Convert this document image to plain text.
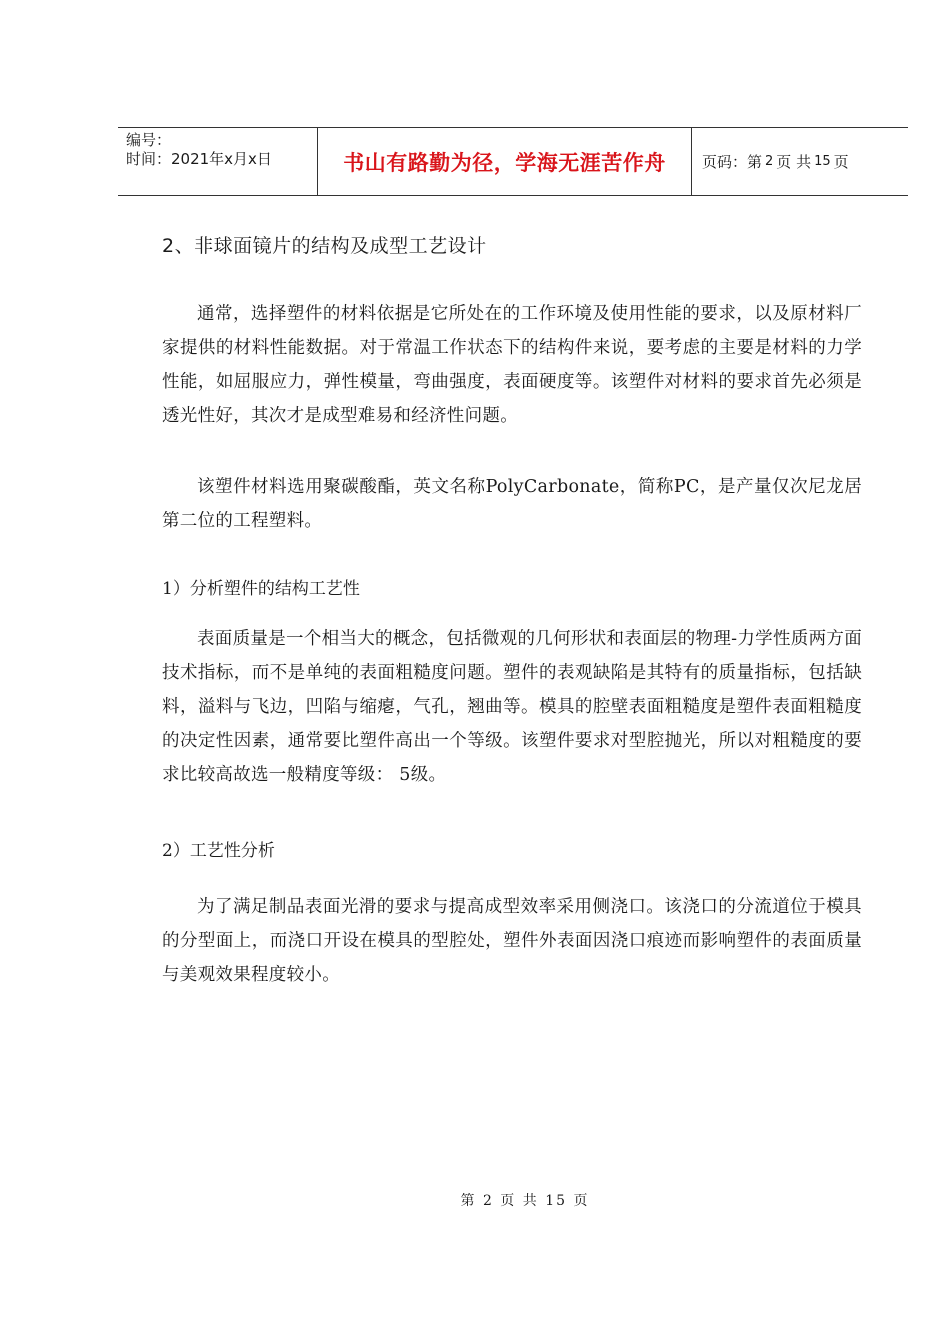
编号：
时间：2021年x月x日	书山有路勤为径，学海无涯苦作舟 页码：第 2 页 共 15 页
2、非球面镜片的结构及成型工艺设计

通常，选择塑件的材料依据是它所处在的工作环境及使用性能的要求，以及原材料厂家提供的材料性能数据。对于常温工作状态下的结构件来说，要考虑的主要是材料的力学性能，如屈服应力，弹性模量，弯曲强度，表面硬度等。该塑件对材料的要求首先必须是透光性好，其次才是成型难易和经济性问题。

该塑件材料选用聚碳酸酯，英文名称PolyCarbonate，简称PC，是产量仅次尼龙居第二位的工程塑料。

1）分析塑件的结构工艺性

表面质量是一个相当大的概念，包括微观的几何形状和表面层的物理-力学性质两方面技术指标，而不是单纯的表面粗糙度问题。塑件的表观缺陷是其特有的质量指标，包括缺料，溢料与飞边，凹陷与缩瘪，气孔，翘曲等。模具的腔壁表面粗糙度是塑件表面粗糙度的决定性因素，通常要比塑件高出一个等级。该塑件要求对型腔抛光，所以对粗糙度的要求比较高故选一般精度等级： 5级。

2）工艺性分析

为了满足制品表面光滑的要求与提高成型效率采用侧浇口。该浇口的分流道位于模具的分型面上，而浇口开设在模具的型腔处，塑件外表面因浇口痕迹而影响塑件的表面质量与美观效果程度较小。

第 2 页 共 15 页
